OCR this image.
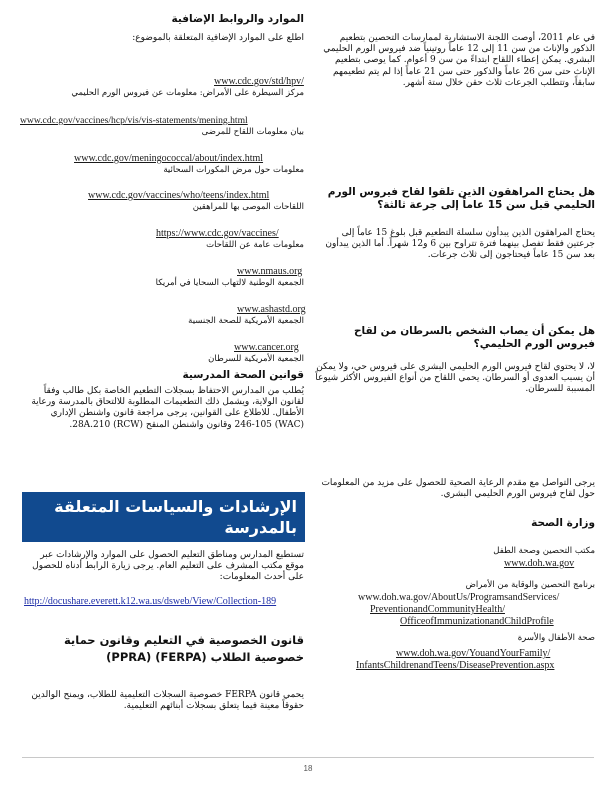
الموارد والروابط الإضافية
اطلع على الموارد الإضافية المتعلقة بالموضوع:
www.cdc.gov/std/hpv/
مركز السيطرة على الأمراض: معلومات عن فيروس الورم الحليمي
www.cdc.gov/vaccines/hcp/vis/vis-statements/mening.html
بيان معلومات اللقاح للمرضى
www.cdc.gov/meningococcal/about/index.html
معلومات حول مرض المكورات السحائية
www.cdc.gov/vaccines/who/teens/index.html
اللقاحات الموصى بها للمراهقين
https://www.cdc.gov/vaccines/
معلومات عامة عن اللقاحات
www.nmaus.org
الجمعية الوطنية لالتهاب السحايا في أمريكا
www.ashastd.org
الجمعية الأمريكية للصحة الجنسية
www.cancer.org
الجمعية الأمريكية للسرطان
قوانين الصحة المدرسية
يُطلب من المدارس الاحتفاظ بسجلات التطعيم الخاصة بكل طالب وفقاً لقانون الولاية، ويشمل ذلك التطعيمات المطلوبة للالتحاق بالمدرسة ورعاية الأطفال. للاطلاع على القوانين، يرجى مراجعة قانون واشنطن الإداري (WAC) 246-105 وقانون واشنطن المنقح (RCW) 28A.210.
الإرشادات والسياسات المتعلقة بالمدرسة
تستطيع المدارس ومناطق التعليم الحصول على الموارد والإرشادات عبر موقع مكتب المشرف على التعليم العام. يرجى زيارة الرابط أدناه للحصول على أحدث المعلومات:
http://docushare.everett.k12.wa.us/dsweb/View/Collection-189
قانون الخصوصية في التعليم وقانون حماية خصوصية الطلاب (FERPA) (PPRA)
يحمي قانون FERPA خصوصية السجلات التعليمية للطلاب، ويمنح الوالدين حقوقاً معينة فيما يتعلق بسجلات أبنائهم التعليمية.
في عام 2011، أوصت اللجنة الاستشارية لممارسات التحصين بتطعيم الذكور والإناث من سن 11 إلى 12 عاماً روتينياً ضد فيروس الورم الحليمي البشري. يمكن إعطاء اللقاح ابتداءً من سن 9 أعوام. كما يوصى بتطعيم الإناث حتى سن 26 عاماً والذكور حتى سن 21 عاماً إذا لم يتم تطعيمهم سابقاً، وتتطلب الجرعات ثلاث حقن خلال ستة أشهر.
هل يحتاج المراهقون الذين تلقوا لقاح فيروس الورم الحليمي قبل سن 15 عاماً إلى جرعة ثالثة؟
يحتاج المراهقون الذين يبدأون سلسلة التطعيم قبل بلوغ 15 عاماً إلى جرعتين فقط تفصل بينهما فترة تتراوح بين 6 و12 شهراً. أما الذين يبدأون بعد سن 15 عاماً فيحتاجون إلى ثلاث جرعات.
هل يمكن أن يصاب الشخص بالسرطان من لقاح فيروس الورم الحليمي؟
لا، لا يحتوي لقاح فيروس الورم الحليمي البشري على فيروس حي، ولا يمكن أن يسبب العدوى أو السرطان. يحمي اللقاح من أنواع الفيروس الأكثر شيوعاً المسببة للسرطان.
يرجى التواصل مع مقدم الرعاية الصحية للحصول على مزيد من المعلومات حول لقاح فيروس الورم الحليمي البشري.
وزارة الصحة
مكتب التحصين وصحة الطفل
www.doh.wa.gov
برنامج التحصين والوقاية من الأمراض
www.doh.wa.gov/AboutUs/ProgramsandServices/
PreventionandCommunityHealth/
OfficeofImmunizationandChildProfile
صحة الأطفال والأسرة
www.doh.wa.gov/YouandYourFamily/
InfantsChildrenandTeens/DiseasePrevention.aspx
18
